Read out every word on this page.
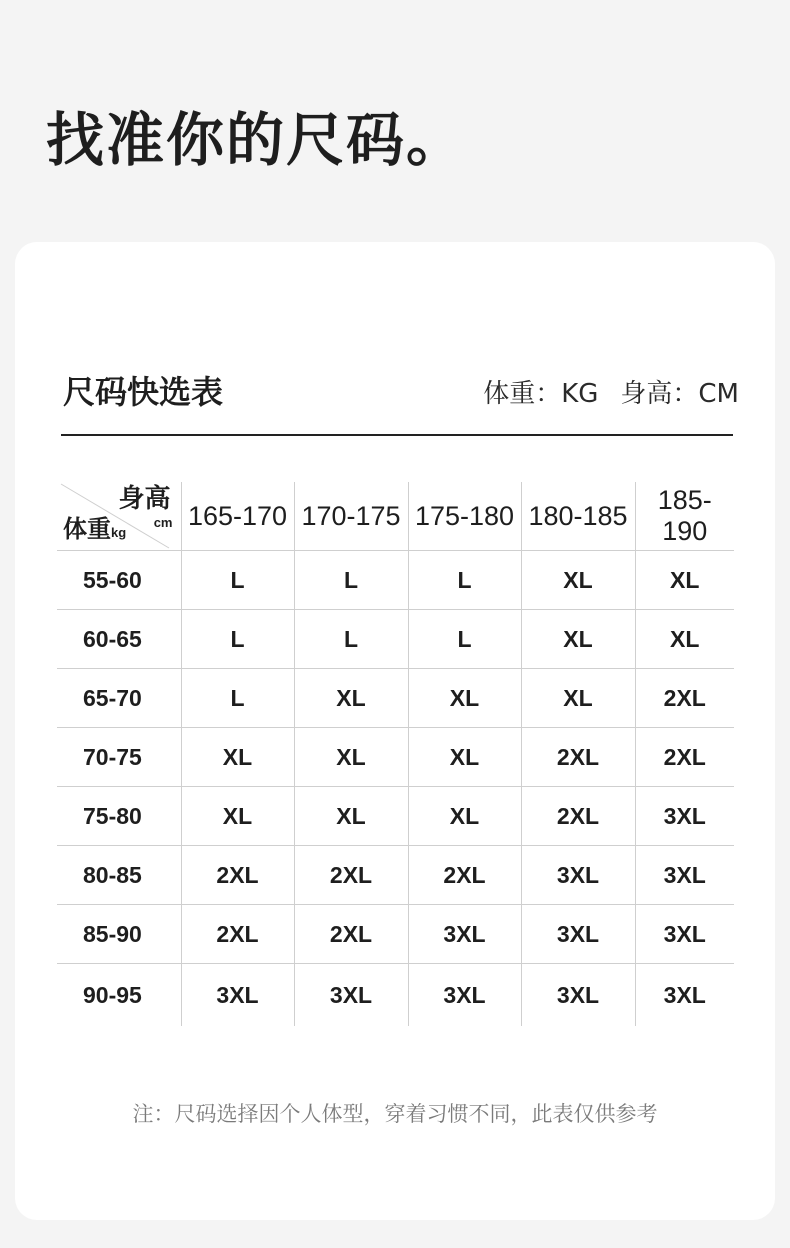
找准你的尺码。
尺码快选表	体重：KG 身高：CM
身高
cm
体重kg	165-170	170-175	175-180	180-185	185-190
55-60	L	L	L	XL	XL
60-65	L	L	L	XL	XL
65-70	L	XL	XL	XL	2XL
70-75	XL	XL	XL	2XL	2XL
75-80	XL	XL	XL	2XL	3XL
80-85	2XL	2XL	2XL	3XL	3XL
85-90	2XL	2XL	3XL	3XL	3XL
90-95	3XL	3XL	3XL	3XL	3XL
注：尺码选择因个人体型，穿着习惯不同，此表仅供参考
